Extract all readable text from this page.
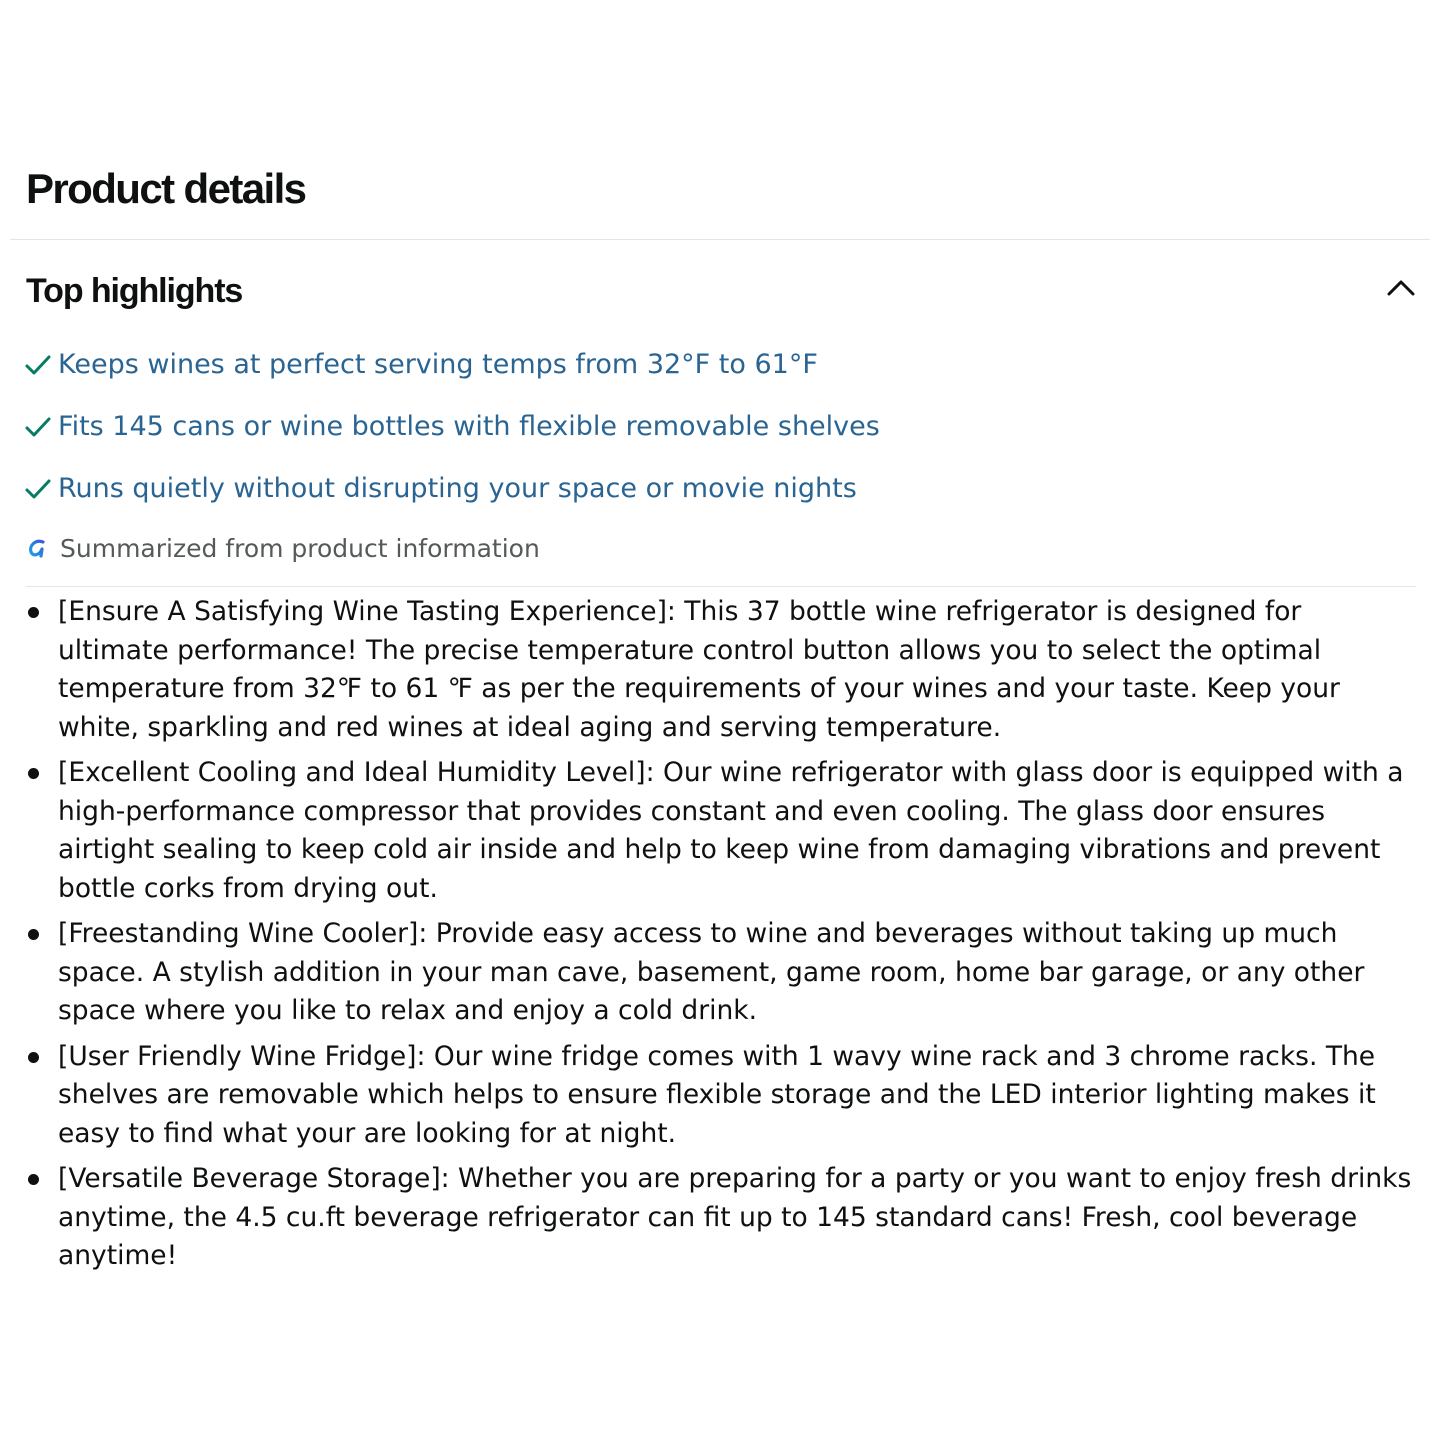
Product details
Top highlights
Keeps wines at perfect serving temps from 32°F to 61°F
Fits 145 cans or wine bottles with flexible removable shelves
Runs quietly without disrupting your space or movie nights
Summarized from product information
[Ensure A Satisfying Wine Tasting Experience]: This 37 bottle wine refrigerator is designed for ultimate performance! The precise temperature control button allows you to select the optimal temperature from 32℉ to 61 ℉ as per the requirements of your wines and your taste. Keep your white, sparkling and red wines at ideal aging and serving temperature.
[Excellent Cooling and Ideal Humidity Level]: Our wine refrigerator with glass door is equipped with a high-performance compressor that provides constant and even cooling. The glass door ensures airtight sealing to keep cold air inside and help to keep wine from damaging vibrations and prevent bottle corks from drying out.
[Freestanding Wine Cooler]: Provide easy access to wine and beverages without taking up much space. A stylish addition in your man cave, basement, game room, home bar garage, or any other space where you like to relax and enjoy a cold drink.
[User Friendly Wine Fridge]: Our wine fridge comes with 1 wavy wine rack and 3 chrome racks. The shelves are removable which helps to ensure flexible storage and the LED interior lighting makes it easy to find what your are looking for at night.
[Versatile Beverage Storage]: Whether you are preparing for a party or you want to enjoy fresh drinks anytime, the 4.5 cu.ft beverage refrigerator can fit up to 145 standard cans! Fresh, cool beverage anytime!
